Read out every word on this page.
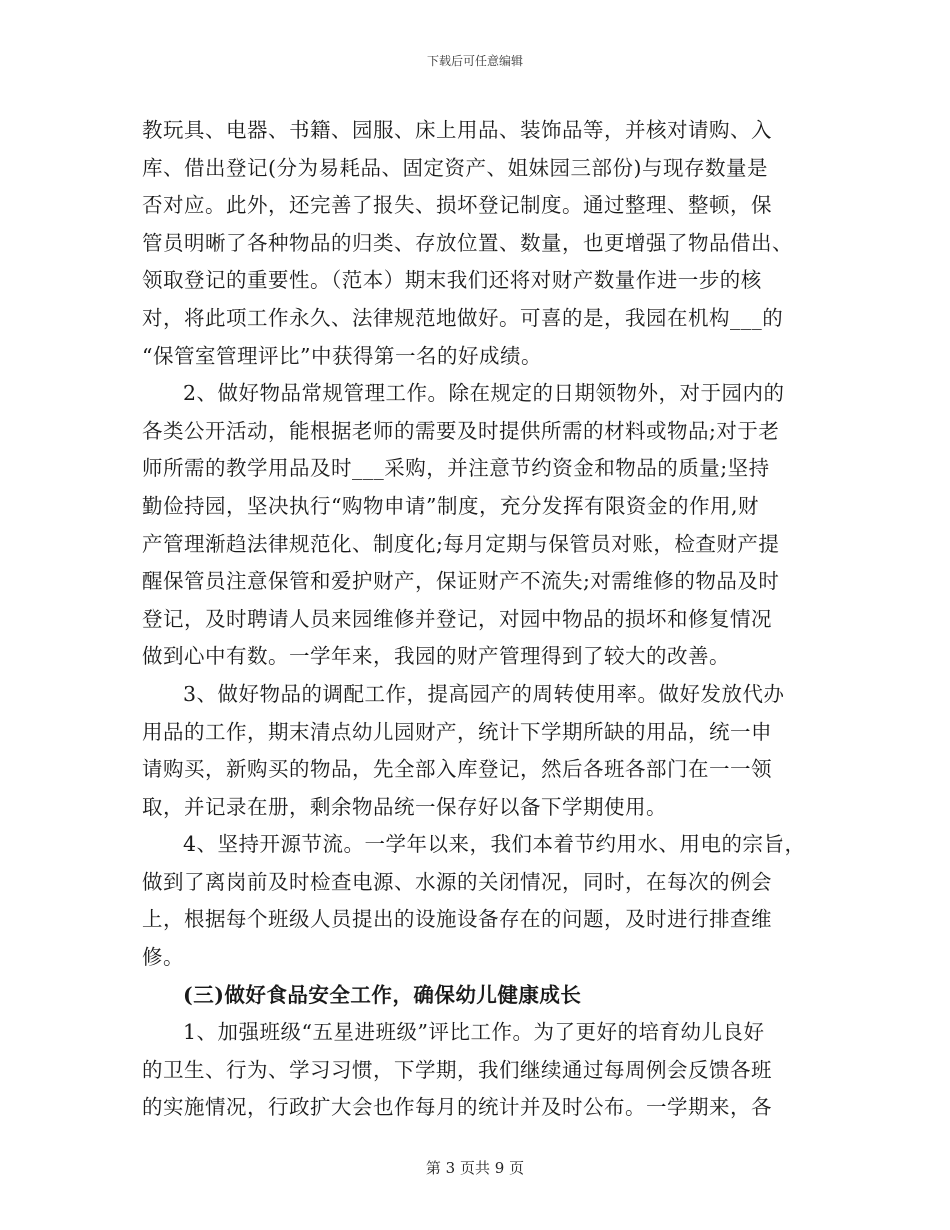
下载后可任意编辑
教玩具、电器、书籍、园服、床上用品、装饰品等，并核对请购、入
库、借出登记(分为易耗品、固定资产、姐妹园三部份)与现存数量是
否对应。此外，还完善了报失、损坏登记制度。通过整理、整顿，保
管员明晰了各种物品的归类、存放位置、数量，也更增强了物品借出、
领取登记的重要性。（范本）期末我们还将对财产数量作进一步的核
对，将此项工作永久、法律规范地做好。可喜的是，我园在机构___的
“保管室管理评比”中获得第一名的好成绩。
2、做好物品常规管理工作。除在规定的日期领物外，对于园内的
各类公开活动，能根据老师的需要及时提供所需的材料或物品;对于老
师所需的教学用品及时___采购，并注意节约资金和物品的质量;坚持
勤俭持园，坚决执行“购物申请”制度，充分发挥有限资金的作用,财
产管理渐趋法律规范化、制度化;每月定期与保管员对账，检查财产提
醒保管员注意保管和爱护财产，保证财产不流失;对需维修的物品及时
登记，及时聘请人员来园维修并登记，对园中物品的损坏和修复情况
做到心中有数。一学年来，我园的财产管理得到了较大的改善。
3、做好物品的调配工作，提高园产的周转使用率。做好发放代办
用品的工作，期末清点幼儿园财产，统计下学期所缺的用品，统一申
请购买，新购买的物品，先全部入库登记，然后各班各部门在一一领
取，并记录在册，剩余物品统一保存好以备下学期使用。
4、坚持开源节流。一学年以来，我们本着节约用水、用电的宗旨，
做到了离岗前及时检查电源、水源的关闭情况，同时，在每次的例会
上，根据每个班级人员提出的设施设备存在的问题，及时进行排查维
修。
(三)做好食品安全工作，确保幼儿健康成长
1、加强班级“五星进班级”评比工作。为了更好的培育幼儿良好
的卫生、行为、学习习惯，下学期，我们继续通过每周例会反馈各班
的实施情况，行政扩大会也作每月的统计并及时公布。一学期来，各
第 3 页共 9 页
